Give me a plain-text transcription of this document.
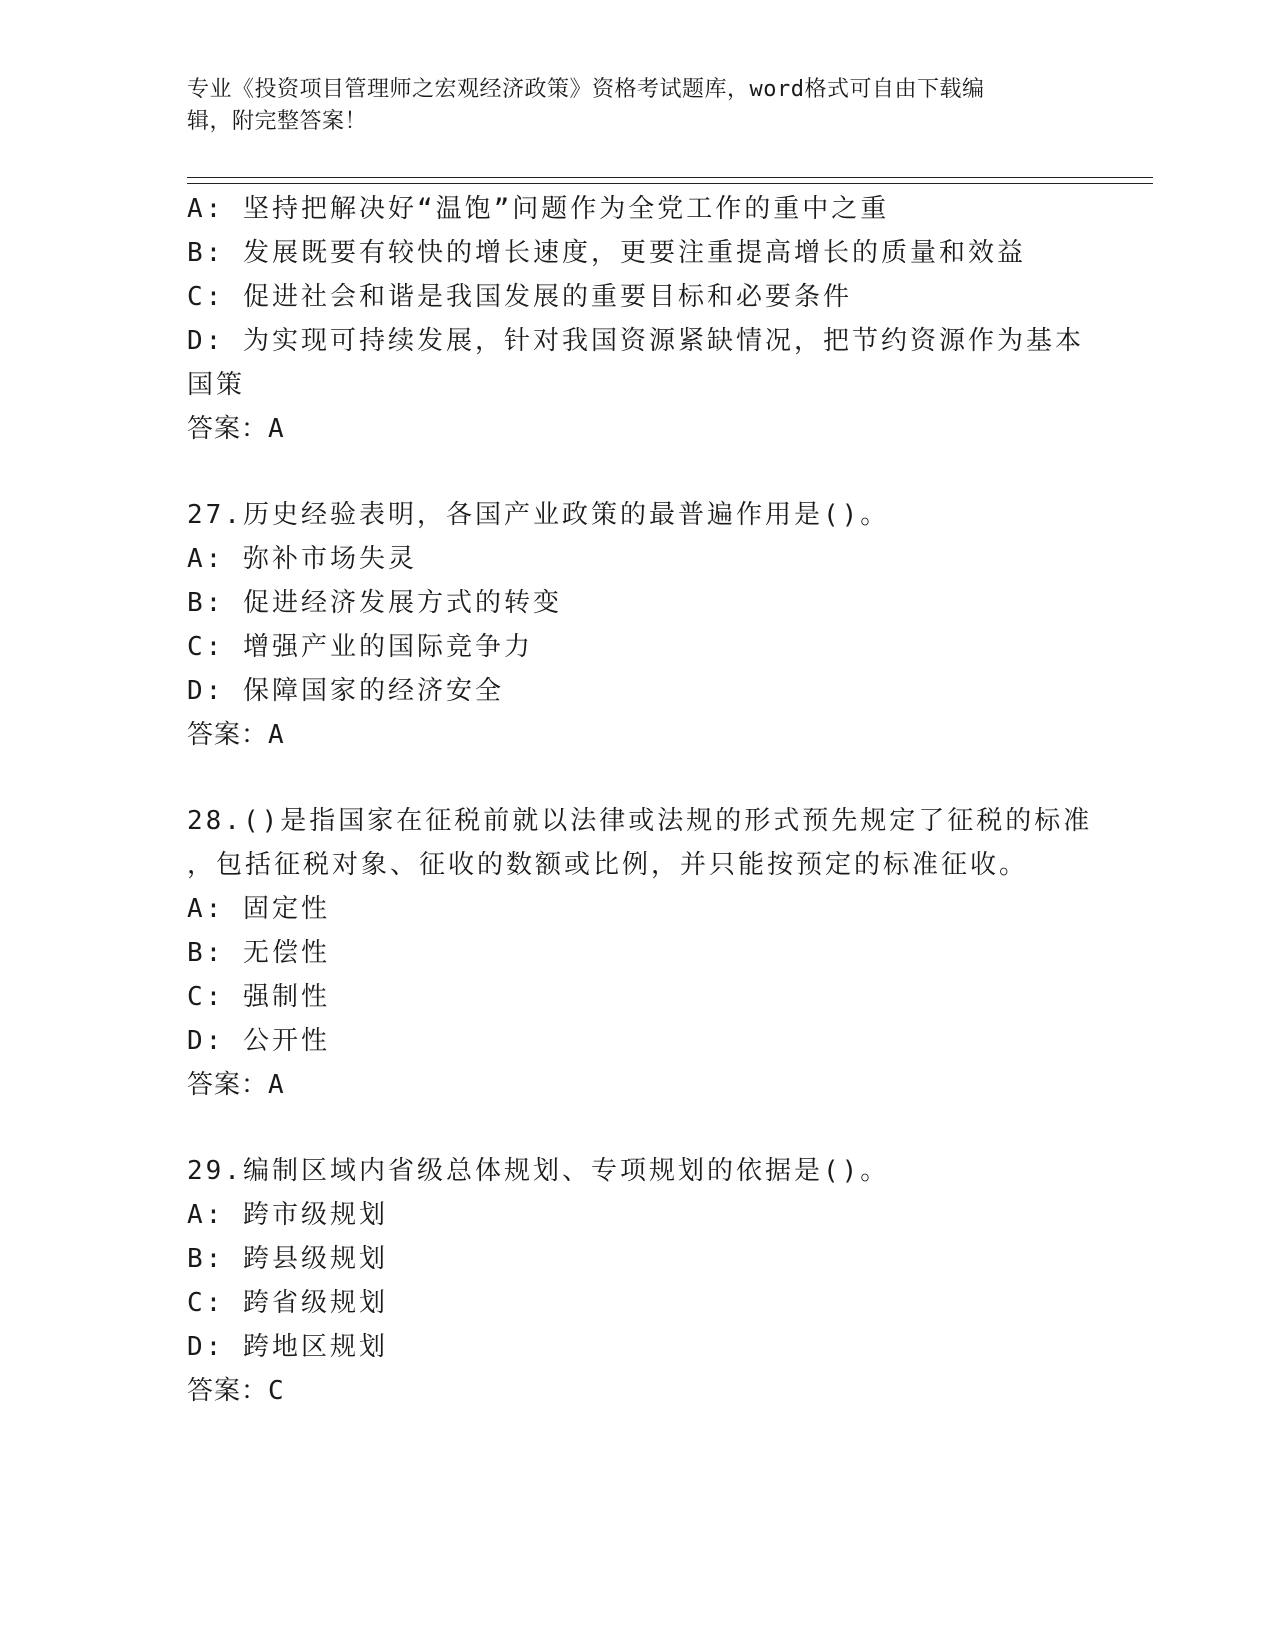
专业《投资项目管理师之宏观经济政策》资格考试题库，word格式可自由下载编
辑，附完整答案！
A: 坚持把解决好“温饱”问题作为全党工作的重中之重
B: 发展既要有较快的增长速度，更要注重提高增长的质量和效益
C: 促进社会和谐是我国发展的重要目标和必要条件
D: 为实现可持续发展，针对我国资源紧缺情况，把节约资源作为基本
国策
答案：A
27.历史经验表明，各国产业政策的最普遍作用是()。
A: 弥补市场失灵
B: 促进经济发展方式的转变
C: 增强产业的国际竞争力
D: 保障国家的经济安全
答案：A
28.()是指国家在征税前就以法律或法规的形式预先规定了征税的标准
，包括征税对象、征收的数额或比例，并只能按预定的标准征收。
A: 固定性
B: 无偿性
C: 强制性
D: 公开性
答案：A
29.编制区域内省级总体规划、专项规划的依据是()。
A: 跨市级规划
B: 跨县级规划
C: 跨省级规划
D: 跨地区规划
答案：C
